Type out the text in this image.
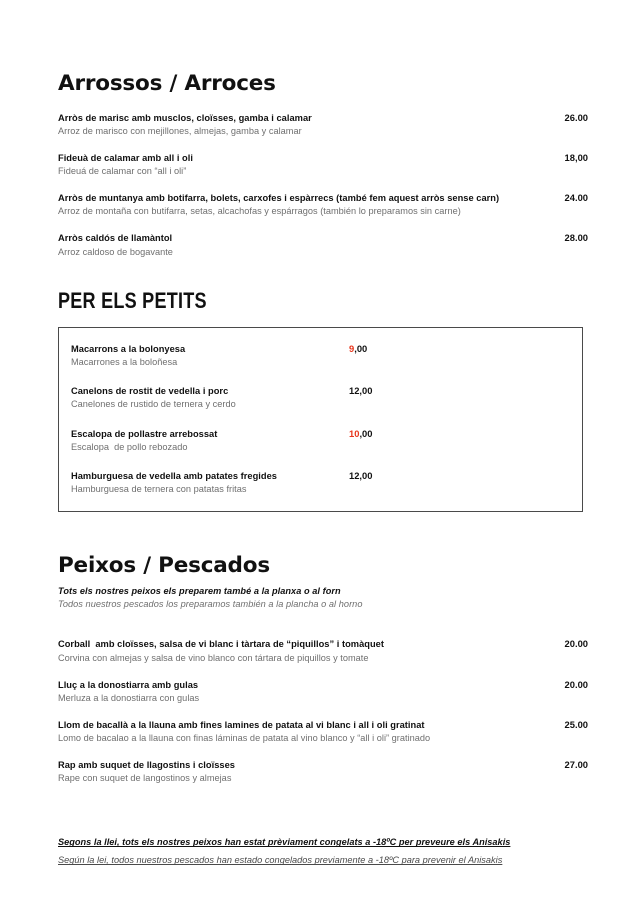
Arrossos / Arroces
Arròs de marisc amb musclos, cloïsses, gamba i calamar	26.00
Arroz de marisco con mejillones, almejas, gamba y calamar
Fideuà de calamar amb all i oli	18,00
Fideuá de calamar con “all i oli”
Arròs de muntanya amb botifarra, bolets, carxofes i espàrrecs (també fem aquest arròs sense carn)	24.00
Arroz de montaña con butifarra, setas, alcachofas y espárragos (también lo preparamos sin carne)
Arròs caldós de llamàntol	28.00
Arroz caldoso de bogavante
PER ELS PETITS
Macarrons a la bolonyesa	9,00
Macarrones a la boloñesa
Canelons de rostit de vedella i porc	12,00
Canelones de rustido de ternera y cerdo
Escalopa de pollastre arrebossat	10,00
Escalopa  de pollo rebozado
Hamburguesa de vedella amb patates fregides	12,00
Hamburguesa de ternera con patatas fritas
Peixos / Pescados
Tots els nostres peixos els preparem també a la planxa o al forn
Todos nuestros pescados los preparamos también a la plancha o al horno
Corball  amb cloïsses, salsa de vi blanc i tàrtara de “piquillos” i tomàquet	20.00
Corvina con almejas y salsa de vino blanco con tártara de piquillos y tomate
Lluç a la donostiarra amb gulas	20.00
Merluza a la donostiarra con gulas
Llom de bacallà a la llauna amb fines lamines de patata al vi blanc i all i oli gratinat	25.00
Lomo de bacalao a la llauna con finas láminas de patata al vino blanco y “all i oli” gratinado
Rap amb suquet de llagostins i cloïsses	27.00
Rape con suquet de langostinos y almejas
Segons la llei, tots els nostres peixos han estat prèviament congelats a -18ºC per preveure els Anisakis
Según la lei, todos nuestros pescados han estado congelados previamente a -18ºC para prevenir el Anisakis
